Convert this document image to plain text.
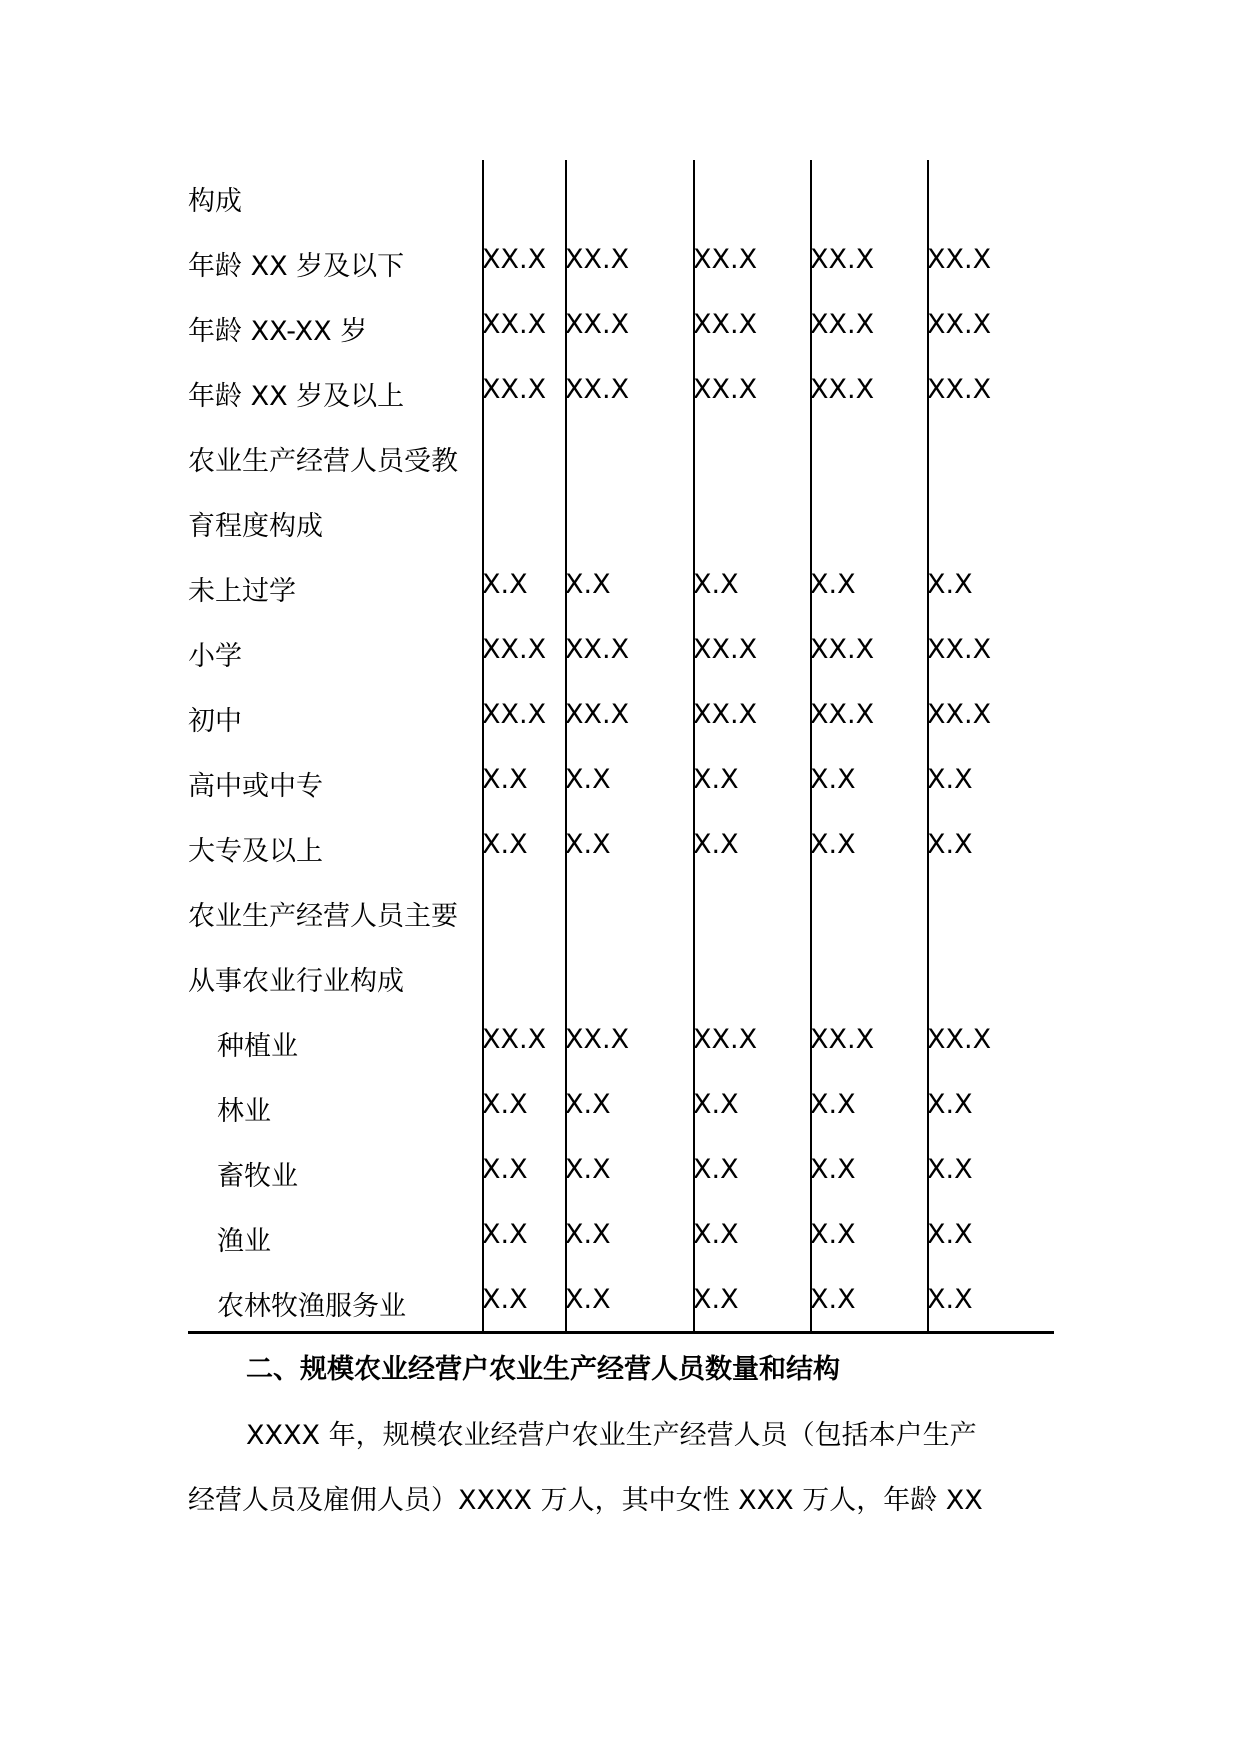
构成
年龄 XX 岁及以下	XX.X XX.X XX.X XX.X XX.X
年龄 XX-XX 岁	XX.X XX.X XX.X XX.X XX.X
年龄 XX 岁及以上	XX.X XX.X XX.X XX.X XX.X
农业生产经营人员受教
育程度构成
未上过学	X.X X.X	X.X	X.X	X.X
小学	XX.X XX.X XX.X XX.X XX.X
初中	XX.X XX.X XX.X XX.X XX.X
高中或中专	X.X X.X	X.X	X.X	X.X
大专及以上	X.X X.X	X.X	X.X	X.X
农业生产经营人员主要
从事农业行业构成
种植业	XX.X XX.X XX.X XX.X XX.X
林业	X.X X.X	X.X	X.X	X.X
畜牧业	X.X X.X	X.X	X.X	X.X
渔业	X.X X.X	X.X	X.X	X.X
农林牧渔服务业	X.X X.X	X.X	X.X	X.X
二、规模农业经营户农业生产经营人员数量和结构
XXXX 年，规模农业经营户农业生产经营人员（包括本户生产
经营人员及雇佣人员）XXXX 万人，其中女性 XXX 万人，年龄 XX
